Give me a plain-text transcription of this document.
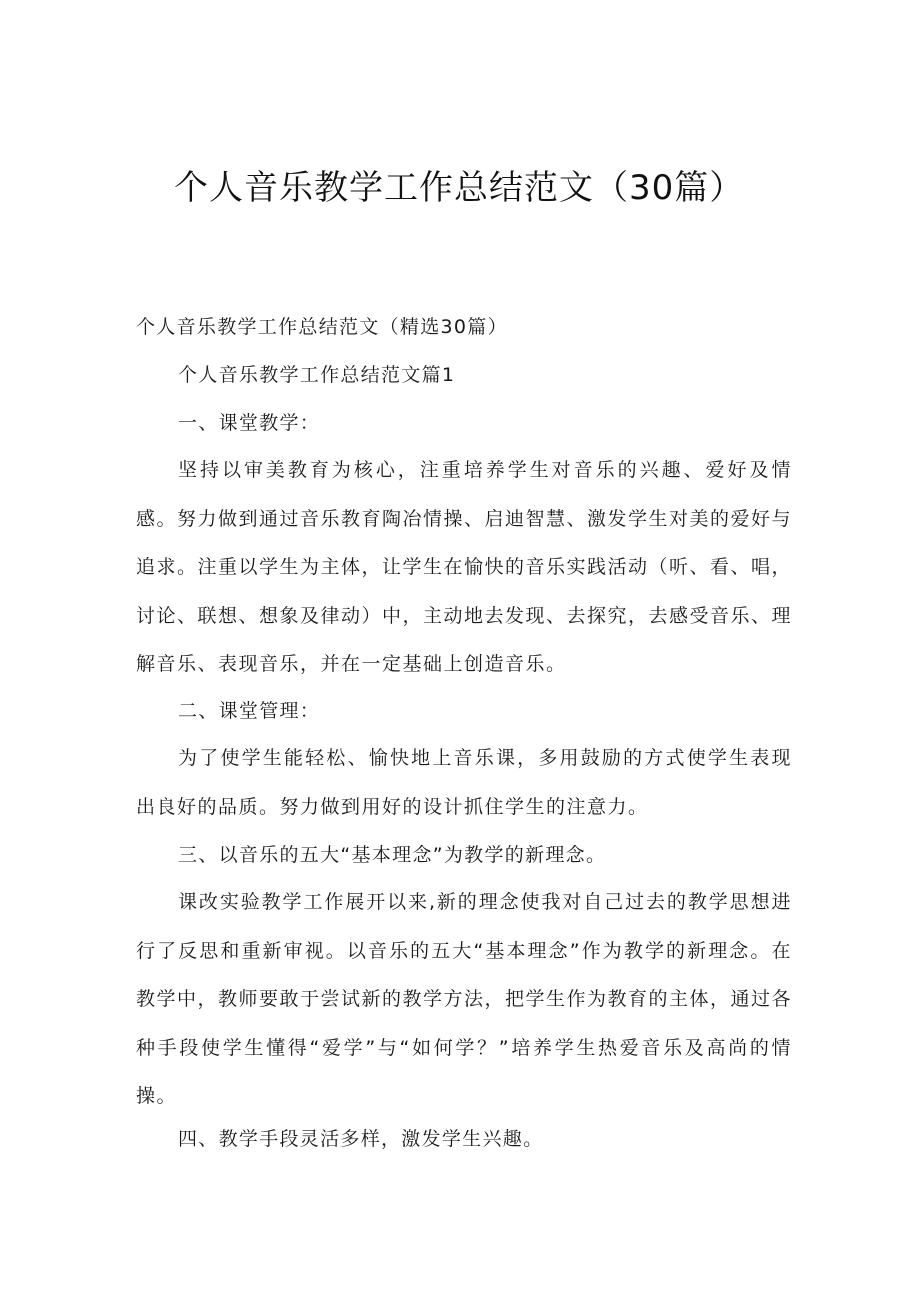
个人音乐教学工作总结范文（30篇）
个人音乐教学工作总结范文（精选30篇）
个人音乐教学工作总结范文篇1
一、课堂教学：
坚持以审美教育为核心，注重培养学生对音乐的兴趣、爱好及情感。努力做到通过音乐教育陶冶情操、启迪智慧、激发学生对美的爱好与追求。注重以学生为主体，让学生在愉快的音乐实践活动（听、看、唱，讨论、联想、想象及律动）中，主动地去发现、去探究，去感受音乐、理解音乐、表现音乐，并在一定基础上创造音乐。
二、课堂管理：
为了使学生能轻松、愉快地上音乐课，多用鼓励的方式使学生表现出良好的品质。努力做到用好的设计抓住学生的注意力。
三、以音乐的五大“基本理念”为教学的新理念。
课改实验教学工作展开以来,新的理念使我对自己过去的教学思想进行了反思和重新审视。以音乐的五大“基本理念”作为教学的新理念。在教学中，教师要敢于尝试新的教学方法，把学生作为教育的主体，通过各种手段使学生懂得“爱学”与“如何学？”培养学生热爱音乐及高尚的情操。
四、教学手段灵活多样，激发学生兴趣。
